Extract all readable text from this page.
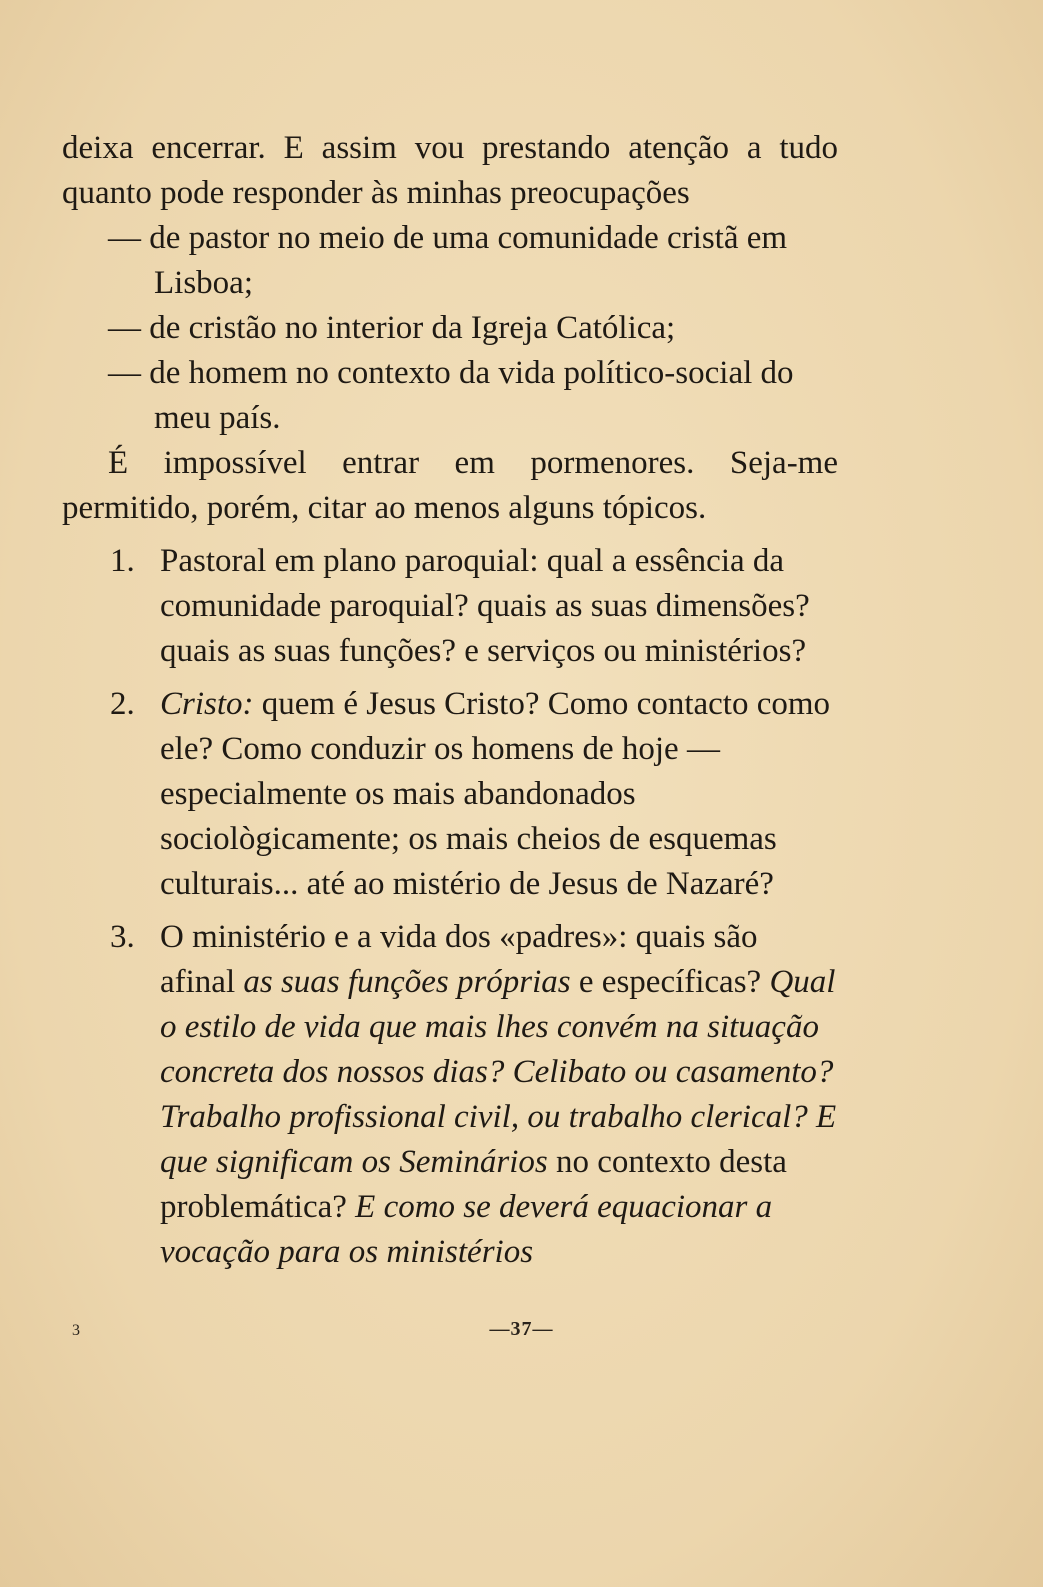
deixa encerrar. E assim vou prestando atenção a tudo quanto pode responder às minhas preocupações

— de pastor no meio de uma comunidade cristã em Lisboa;

— de cristão no interior da Igreja Católica;

— de homem no contexto da vida político-social do meu país.

É impossível entrar em pormenores. Seja-me permitido, porém, citar ao menos alguns tópicos.

1. Pastoral em plano paroquial: qual a essência da comunidade paroquial? quais as suas dimensões? quais as suas funções? e serviços ou ministérios?

2. Cristo: quem é Jesus Cristo? Como contacto como ele? Como conduzir os homens de hoje — especialmente os mais abandonados sociològicamente; os mais cheios de esquemas culturais... até ao mistério de Jesus de Nazaré?

3. O ministério e a vida dos «padres»: quais são afinal as suas funções próprias e específicas? Qual o estilo de vida que mais lhes convém na situação concreta dos nossos dias? Celibato ou casamento? Trabalho profissional civil, ou trabalho clerical? E que significam os Seminários no contexto desta problemática? E como se deverá equacionar a vocação para os ministérios

3	—37—
